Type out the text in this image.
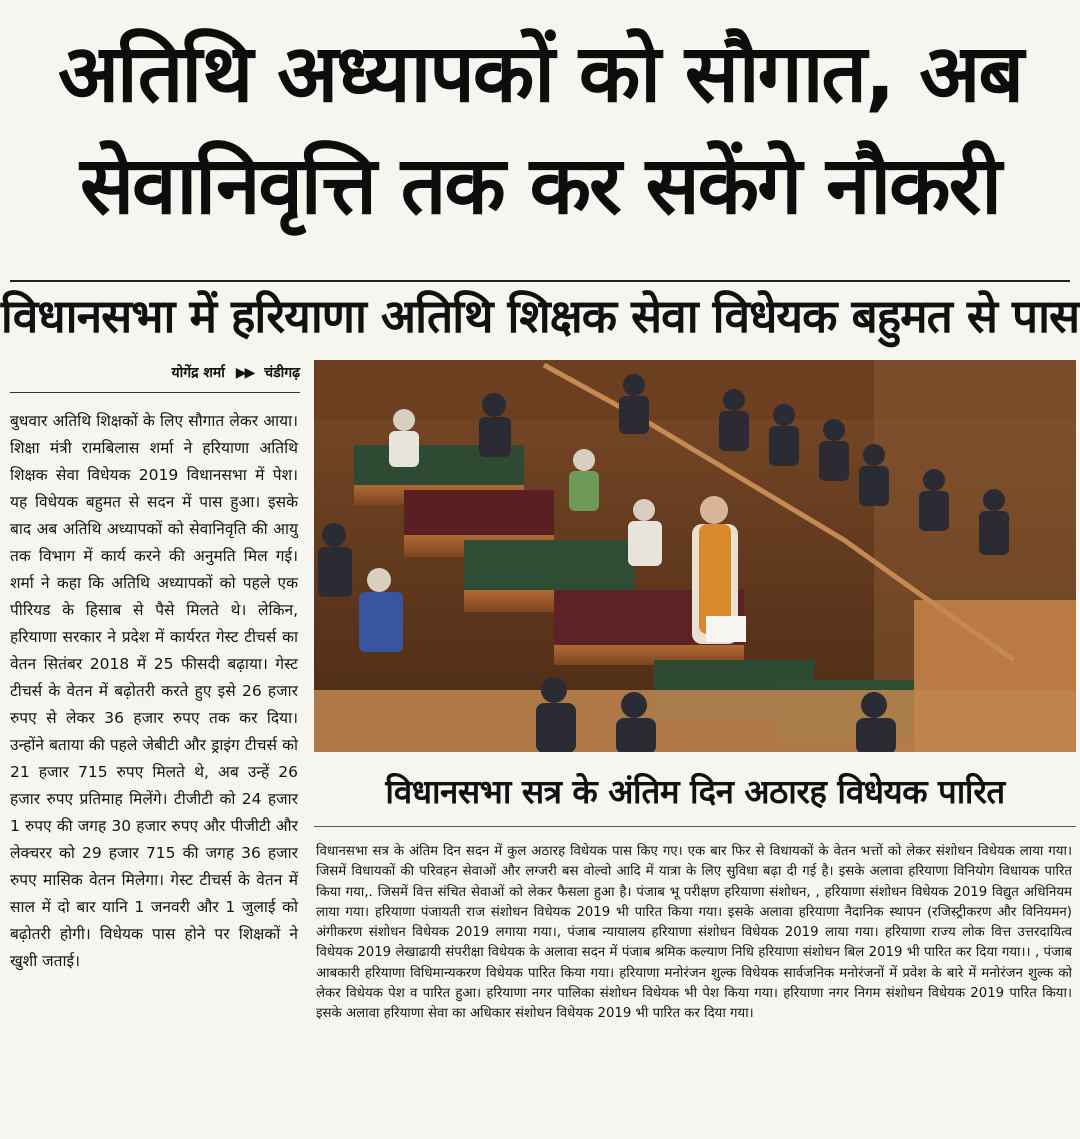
अतिथि अध्यापकों को सौगात, अब
सेवानिवृत्ति तक कर सकेंगे नौकरी
विधानसभा में हरियाणा अतिथि शिक्षक सेवा विधेयक बहुमत से पास
योगेंद्र शर्मा ▶▶ चंडीगढ़
बुधवार अतिथि शिक्षकों के लिए सौगात लेकर आया। शिक्षा मंत्री रामबिलास शर्मा ने हरियाणा अतिथि शिक्षक सेवा विधेयक 2019 विधानसभा में पेश। यह विधेयक बहुमत से सदन में पास हुआ। इसके बाद अब अतिथि अध्यापकों को सेवानिवृति की आयु तक विभाग में कार्य करने की अनुमति मिल गई। शर्मा ने कहा कि अतिथि अध्यापकों को पहले एक पीरियड के हिसाब से पैसे मिलते थे। लेकिन, हरियाणा सरकार ने प्रदेश में कार्यरत गेस्ट टीचर्स का वेतन सितंबर 2018 में 25 फीसदी बढ़ाया। गेस्ट टीचर्स के वेतन में बढ़ोतरी करते हुए इसे 26 हजार रुपए से लेकर 36 हजार रुपए तक कर दिया। उन्होंने बताया की पहले जेबीटी और ड्राइंग टीचर्स को 21 हजार 715 रुपए मिलते थे, अब उन्हें 26 हजार रुपए प्रतिमाह मिलेंगे। टीजीटी को 24 हजार 1 रुपए की जगह 30 हजार रुपए और पीजीटी और लेक्चरर को 29 हजार 715 की जगह 36 हजार रुपए मासिक वेतन मिलेगा। गेस्ट टीचर्स के वेतन में साल में दो बार यानि 1 जनवरी और 1 जुलाई को बढ़ोतरी होगी। विधेयक पास होने पर शिक्षकों ने खुशी जताई।
विधानसभा सत्र के अंतिम दिन अठारह विधेयक पारित
विधानसभा सत्र के अंतिम दिन सदन में कुल अठारह विधेयक पास किए गए। एक बार फिर से विधायकों के वेतन भत्तों को लेकर संशोधन विधेयक लाया गया। जिसमें विधायकों की परिवहन सेवाओं और लग्जरी बस वोल्वो आदि में यात्रा के लिए सुविधा बढ़ा दी गई है। इसके अलावा हरियाणा विनियोग विधायक पारित किया गया,. जिसमें वित्त संचित सेवाओं को लेकर फैसला हुआ है। पंजाब भू परीक्षण हरियाणा संशोधन, , हरियाणा संशोधन विधेयक 2019 विद्युत अधिनियम लाया गया। हरियाणा पंजायती राज संशोधन विधेयक 2019 भी पारित किया गया। इसके अलावा हरियाणा नैदानिक स्थापन (रजिस्ट्रीकरण और विनियमन) अंगीकरण संशोधन विधेयक 2019 लगाया गया।, पंजाब न्यायालय हरियाणा संशोधन विधेयक 2019 लाया गया। हरियाणा राज्य लोक वित्त उत्तरदायित्व विधेयक 2019 लेखाढायी संपरीक्षा विधेयक के अलावा सदन में पंजाब श्रमिक कल्याण निधि हरियाणा संशोधन बिल 2019 भी पारित कर दिया गया।। , पंजाब आबकारी हरियाणा विधिमान्यकरण विधेयक पारित किया गया। हरियाणा मनोरंजन शुल्क विधेयक सार्वजनिक मनोरंजनों में प्रवेश के बारे में मनोरंजन शुल्क को लेकर विधेयक पेश व पारित हुआ। हरियाणा नगर पालिका संशोधन विधेयक भी पेश किया गया। हरियाणा नगर निगम संशोधन विधेयक 2019 पारित किया। इसके अलावा हरियाणा सेवा का अधिकार संशोधन विधेयक 2019 भी पारित कर दिया गया।
